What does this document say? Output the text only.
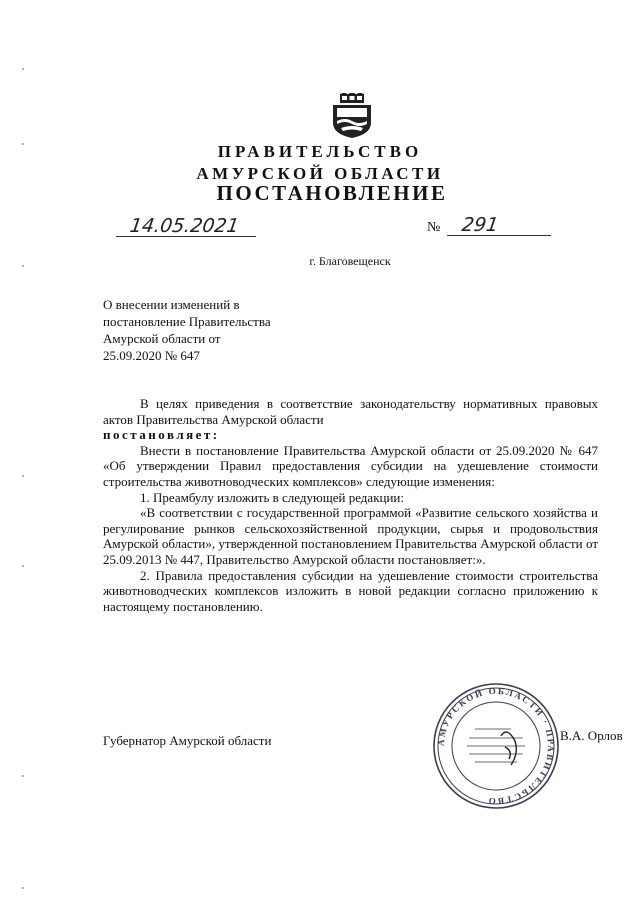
ПРАВИТЕЛЬСТВО
АМУРСКОЙ ОБЛАСТИ
ПОСТАНОВЛЕНИЕ
14.05.2021	№ 291
г. Благовещенск
О внесении изменений в
постановление Правительства
Амурской области от
25.09.2020 № 647

В целях приведения в соответствие законодательству нормативных правовых актов Правительства Амурской области

постановляет:

Внести в постановление Правительства Амурской области от 25.09.2020 № 647 «Об утверждении Правил предоставления субсидии на удешевление стоимости строительства животноводческих комплексов» следующие изменения:

1. Преамбулу изложить в следующей редакции:

«В соответствии с государственной программой «Развитие сельского хозяйства и регулирование рынков сельскохозяйственной продукции, сырья и продовольствия Амурской области», утвержденной постановлением Правительства Амурской области от 25.09.2013 № 447, Правительство Амурской области постановляет:».

2. Правила предоставления субсидии на удешевление стоимости строительства животноводческих комплексов изложить в новой редакции согласно приложению к настоящему постановлению.

Губернатор Амурской области	АМУРСКОЙ ОБЛАСТИ · ПРАВИТЕЛЬСТВО
В.А. Орлов
